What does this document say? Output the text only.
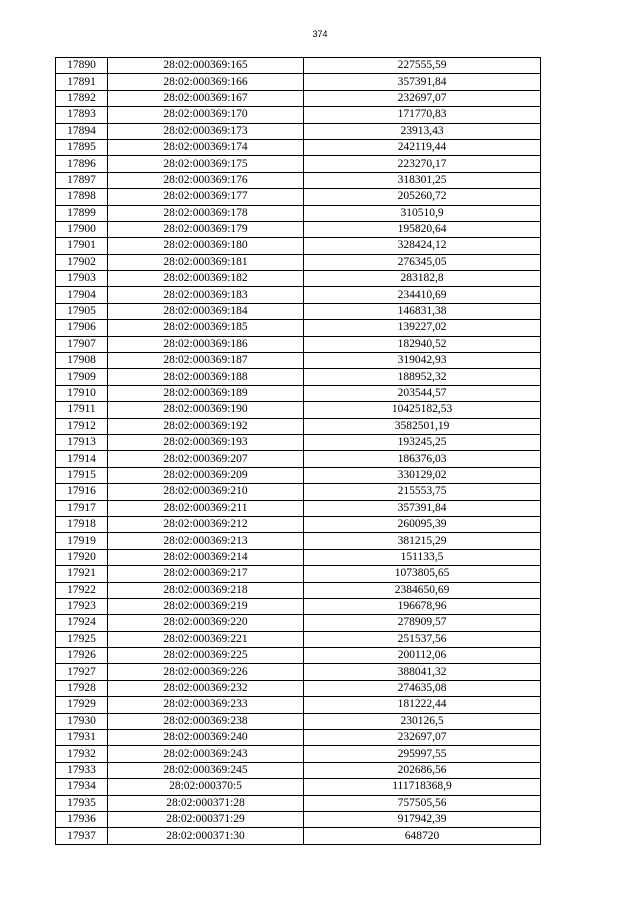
374
17890	28:02:000369:165	227555,59
17891	28:02:000369:166	357391,84
17892	28:02:000369:167	232697,07
17893	28:02:000369:170	171770,83
17894	28:02:000369:173	23913,43
17895	28:02:000369:174	242119,44
17896	28:02:000369:175	223270,17
17897	28:02:000369:176	318301,25
17898	28:02:000369:177	205260,72
17899	28:02:000369:178	310510,9
17900	28:02:000369:179	195820,64
17901	28:02:000369:180	328424,12
17902	28:02:000369:181	276345,05
17903	28:02:000369:182	283182,8
17904	28:02:000369:183	234410,69
17905	28:02:000369:184	146831,38
17906	28:02:000369:185	139227,02
17907	28:02:000369:186	182940,52
17908	28:02:000369:187	319042,93
17909	28:02:000369:188	188952,32
17910	28:02:000369:189	203544,57
17911	28:02:000369:190	10425182,53
17912	28:02:000369:192	3582501,19
17913	28:02:000369:193	193245,25
17914	28:02:000369:207	186376,03
17915	28:02:000369:209	330129,02
17916	28:02:000369:210	215553,75
17917	28:02:000369:211	357391,84
17918	28:02:000369:212	260095,39
17919	28:02:000369:213	381215,29
17920	28:02:000369:214	151133,5
17921	28:02:000369:217	1073805,65
17922	28:02:000369:218	2384650,69
17923	28:02:000369:219	196678,96
17924	28:02:000369:220	278909,57
17925	28:02:000369:221	251537,56
17926	28:02:000369:225	200112,06
17927	28:02:000369:226	388041,32
17928	28:02:000369:232	274635,08
17929	28:02:000369:233	181222,44
17930	28:02:000369:238	230126,5
17931	28:02:000369:240	232697,07
17932	28:02:000369:243	295997,55
17933	28:02:000369:245	202686,56
17934	28:02:000370:5	111718368,9
17935	28:02:000371:28	757505,56
17936	28:02:000371:29	917942,39
17937	28:02:000371:30	648720
